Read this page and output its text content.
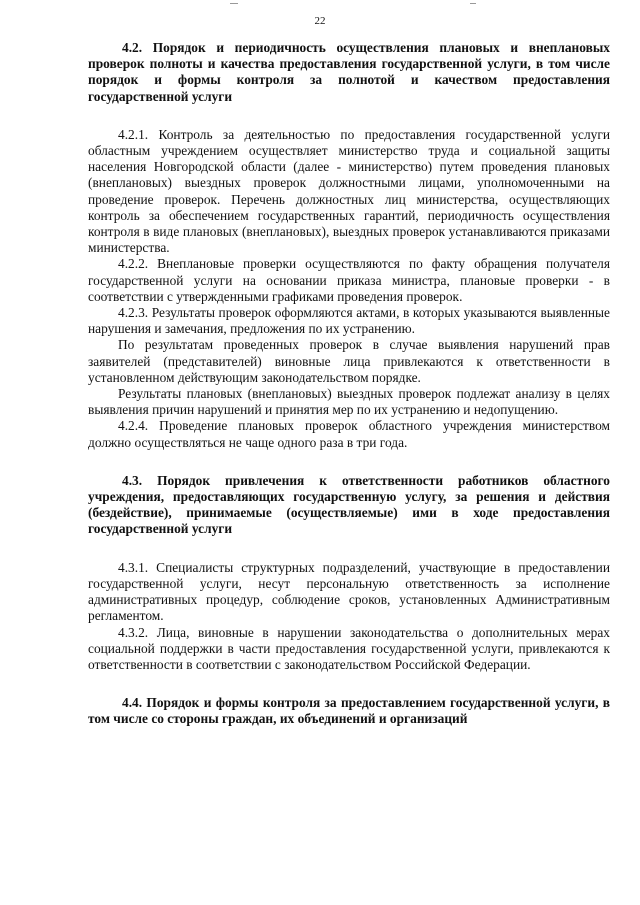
22

4.2. Порядок и периодичность осуществления плановых и внеплановых проверок полноты и качества предоставления государственной услуги, в том числе порядок и формы контроля за полнотой и качеством предоставления государственной услуги

4.2.1. Контроль за деятельностью по предоставления государственной услуги областным учреждением осуществляет министерство труда и социальной защиты населения Новгородской области (далее - министерство) путем проведения плановых (внеплановых) выездных проверок должностными лицами, уполномоченными на проведение проверок. Перечень должностных лиц министерства, осуществляющих контроль за обеспечением государственных гарантий, периодичность осуществления контроля в виде плановых (внеплановых), выездных проверок устанавливаются приказами министерства.

4.2.2. Внеплановые проверки осуществляются по факту обращения получателя государственной услуги на основании приказа министра, плановые проверки - в соответствии с утвержденными графиками проведения проверок.

4.2.3. Результаты проверок оформляются актами, в которых указываются выявленные нарушения и замечания, предложения по их устранению.

По результатам проведенных проверок в случае выявления нарушений прав заявителей (представителей) виновные лица привлекаются к ответственности в установленном действующим законодательством порядке.

Результаты плановых (внеплановых) выездных проверок подлежат анализу в целях выявления причин нарушений и принятия мер по их устранению и недопущению.

4.2.4. Проведение плановых проверок областного учреждения министерством должно осуществляться не чаще одного раза в три года.

4.3. Порядок привлечения к ответственности работников областного учреждения, предоставляющих государственную услугу, за решения и действия (бездействие), принимаемые (осуществляемые) ими в ходе предоставления государственной услуги

4.3.1. Специалисты структурных подразделений, участвующие в предоставлении государственной услуги, несут персональную ответственность за исполнение административных процедур, соблюдение сроков, установленных Административным регламентом.

4.3.2. Лица, виновные в нарушении законодательства о дополнительных мерах социальной поддержки в части предоставления государственной услуги, привлекаются к ответственности в соответствии с законодательством Российской Федерации.

4.4. Порядок и формы контроля за предоставлением государственной услуги, в том числе со стороны граждан, их объединений и организаций
